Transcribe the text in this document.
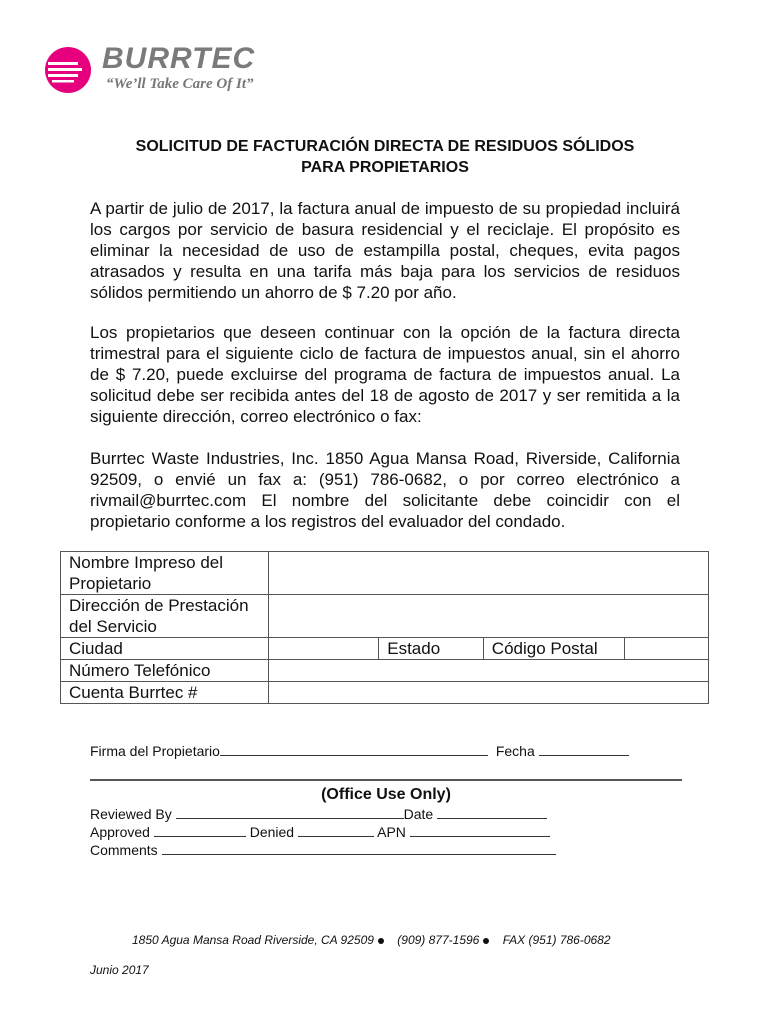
BURRTEC
“We’ll Take Care Of It”
SOLICITUD DE FACTURACIÓN DIRECTA DE RESIDUOS SÓLIDOS
PARA PROPIETARIOS
A partir de julio de 2017, la factura anual de impuesto de su propiedad incluirá los cargos por servicio de basura residencial y el reciclaje. El propósito es eliminar la necesidad de uso de estampilla postal, cheques, evita pagos atrasados y resulta en una tarifa más baja para los servicios de residuos sólidos permitiendo un ahorro de $ 7.20 por año.
Los propietarios que deseen continuar con la opción de la factura directa trimestral para el siguiente ciclo de factura de impuestos anual, sin el ahorro de $ 7.20, puede excluirse del programa de factura de impuestos anual. La solicitud debe ser recibida antes del 18 de agosto de 2017 y ser remitida a la siguiente dirección, correo electrónico o fax:
Burrtec Waste Industries, Inc. 1850 Agua Mansa Road, Riverside, California 92509, o envié un fax a: (951) 786-0682, o por correo electrónico a rivmail@burrtec.com El nombre del solicitante debe coincidir con el propietario conforme a los registros del evaluador del condado.
Nombre Impreso del Propietario				
Dirección de Prestación del Servicio				
Ciudad		Estado	Código Postal	
Número Telefónico				
Cuenta Burrtec #				
Firma del Propietario	Fecha
(Office Use Only)
Reviewed By	Date
Approved	Denied	APN
Comments
1850 Agua Mansa Road Riverside, CA 92509 (909) 877-1596 FAX (951) 786-0682
Junio 2017
